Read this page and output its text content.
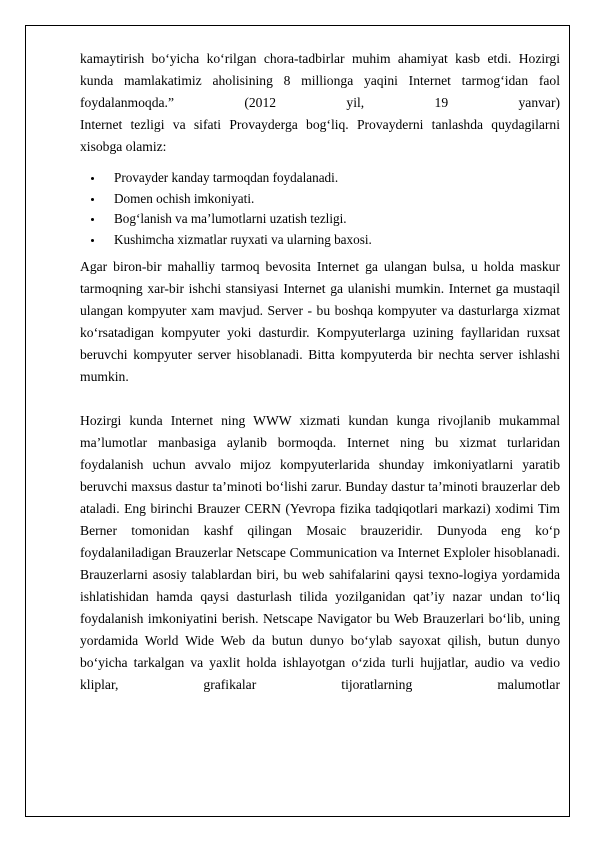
kamaytirish bo‘yicha ko‘rilgan chora-tadbirlar muhim ahamiyat kasb etdi. Hozirgi kunda mamlakatimiz aholisining 8 millionga yaqini Internet tarmog‘idan faol foydalanmoqda.” (2012 yil, 19 yanvar)

Internet tezligi va sifati Provayderga bog‘liq. Provayderni tanlashda quydagilarni xisobga olamiz:

Provayder kanday tarmoqdan foydalanadi.
Domen ochish imkoniyati.
Bog‘lanish va ma’lumotlarni uzatish tezligi.
Kushimcha xizmatlar ruyxati va ularning baxosi.

Agar biron-bir mahalliy tarmoq bevosita Internet ga ulangan bulsa, u holda maskur tarmoqning xar-bir ishchi stansiyasi Internet ga ulanishi mumkin. Internet ga mustaqil ulangan kompyuter xam mavjud. Server - bu boshqa kompyuter va dasturlarga xizmat ko‘rsatadigan kompyuter yoki dasturdir. Kompyuterlarga uzining fayllaridan ruxsat beruvchi kompyuter server hisoblanadi. Bitta kompyuterda bir nechta server ishlashi mumkin.

Hozirgi kunda Internet ning WWW xizmati kundan kunga rivojlanib mukammal ma’lumotlar manbasiga aylanib bormoqda. Internet ning bu xizmat turlaridan foydalanish uchun avvalo mijoz kompyuterlarida shunday imkoniyatlarni yaratib beruvchi maxsus dastur ta’minoti bo‘lishi zarur. Bunday dastur ta’minoti brauzerlar deb ataladi. Eng birinchi Brauzer CERN (Yevropa fizika tadqiqotlari markazi) xodimi Tim Berner tomonidan kashf qilingan Mosaic brauzeridir. Dunyoda eng ko‘p foydalaniladigan Brauzerlar Netscape Communication va Internet Exploler hisoblanadi. Brauzerlarni asosiy talablardan biri, bu web sahifalarini qaysi texno-logiya yordamida ishlatishidan hamda qaysi dasturlash tilida yozilganidan qat’iy nazar undan to‘liq foydalanish imkoniyatini berish. Netscape Navigator bu Web Brauzerlari bo‘lib, uning yordamida World Wide Web da butun dunyo bo‘ylab sayoxat qilish, butun dunyo bo‘yicha tarkalgan va yaxlit holda ishlayotgan o‘zida turli hujjatlar, audio va vedio kliplar, grafikalar tijoratlarning malumotlar
